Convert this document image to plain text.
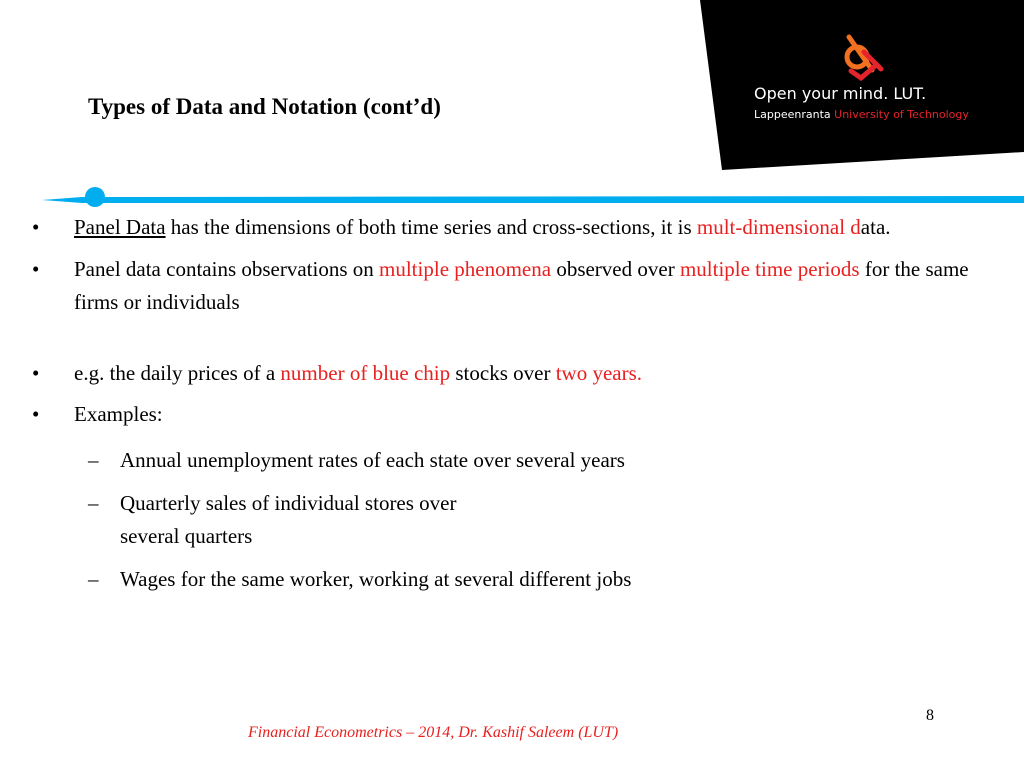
Types of Data and Notation (cont’d)
Open your mind. LUT.
Lappeenranta University of Technology
• Panel Data has the dimensions of both time series and cross-sections, it is mult-dimensional data.
• Panel data contains observations on multiple phenomena observed over multiple time periods for the same firms or individuals
• e.g. the daily prices of a number of blue chip stocks over two years.
• Examples:
– Annual unemployment rates of each state over several years
– Quarterly sales of individual stores over
several quarters
– Wages for the same worker, working at several different jobs
8
Financial Econometrics – 2014, Dr. Kashif Saleem (LUT)
